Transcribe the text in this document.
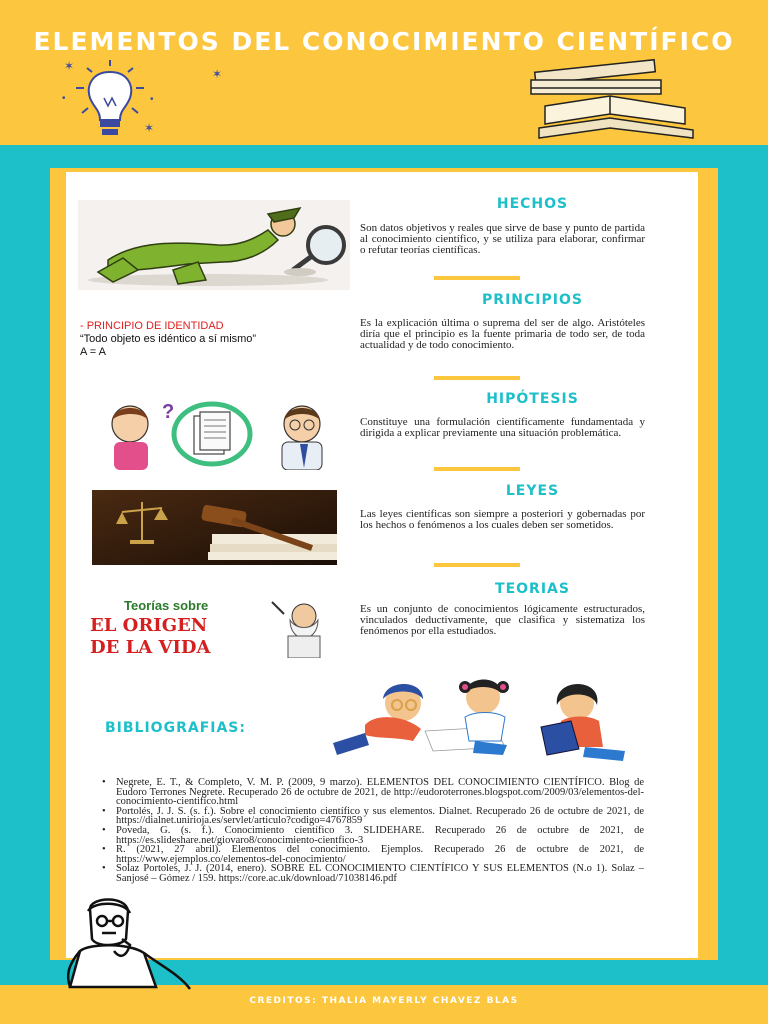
ELEMENTOS DEL CONOCIMIENTO CIENTÍFICO
✶
•
•
✶
✶
HECHOS
Son datos objetivos y reales que sirve de base y punto de partida al conocimiento científico, y se utiliza para elaborar, confirmar o refutar teorías científicas.
- PRINCIPIO DE IDENTIDAD
“Todo objeto es idéntico a sí mismo”
A = A
PRINCIPIOS
Es la explicación última o suprema del ser de algo. Aristóteles diría que el principio es la fuente primaria de todo ser, de toda actualidad y de todo conocimiento.
?
HIPÓTESIS
Constituye una formulación científicamente fundamentada y dirigida a explicar previamente una situación problemática.
LEYES
Las leyes científicas son siempre a posteriori y gobernadas por los hechos o fenómenos a los cuales deben ser sometidos.
Teorías sobre
EL ORIGEN
DE LA VIDA
TEORIAS
Es un conjunto de conocimientos lógicamente estructurados, vinculados deductivamente, que clasifica y sistematiza los fenómenos por ella estudiados.
BIBLIOGRAFIAS:
• Negrete, E. T., & Completo, V. M. P. (2009, 9 marzo). ELEMENTOS DEL CONOCIMIENTO CIENTÍFICO. Blog de Eudoro Terrones Negrete. Recuperado 26 de octubre de 2021, de http://eudoroterrones.blogspot.com/2009/03/elementos-del-conocimiento-cientifico.html
• Portolés, J. J. S. (s. f.). Sobre el conocimiento científico y sus elementos. Dialnet. Recuperado 26 de octubre de 2021, de https://dialnet.unirioja.es/servlet/articulo?codigo=4767859
• Poveda, G. (s. f.). Conocimiento científico 3. SLIDEHARE. Recuperado 26 de octubre de 2021, de https://es.slideshare.net/giovaro8/conocimiento-cientfico-3
• R. (2021, 27 abril). Elementos del conocimiento. Ejemplos. Recuperado 26 de octubre de 2021, de https://www.ejemplos.co/elementos-del-conocimiento/
• Solaz Portoles, J. J. (2014, enero). SOBRE EL CONOCIMIENTO CIENTÍFICO Y SUS ELEMENTOS (N.o 1). Solaz – Sanjosé – Gómez / 159. https://core.ac.uk/download/71038146.pdf
CREDITOS: THALIA MAYERLY CHAVEZ BLAS
